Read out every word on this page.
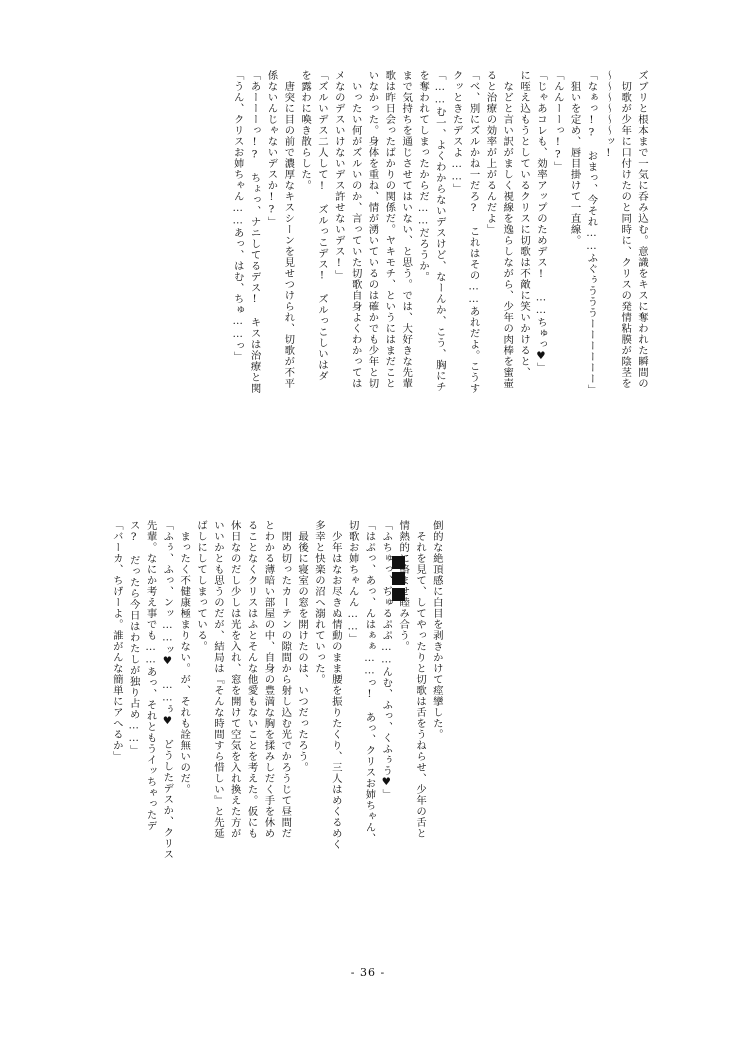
「うん、クリスお姉ちゃん……あっ、はむ、ちゅ……っ」 「あーーーっ!?　ちょっ、ナニしてるデス!　キスは治療と関 係ないんじゃないデスか!?」 　唐突に目の前で濃厚なキスシーンを見せつけられ、切歌が不平 を露わに喚き散らした。 「ズルいデス二人して!　ズルっこデス!　ズルっこしいはダ メなのデスいけないデス許せないデス!」 　いったい何がズルいのか、言っていた切歌自身よくわかっては いなかった。身体を重ね、情が湧いているのは確かでも少年と切 歌は昨日会ったばかりの関係だ。ヤキモチ、というにはまだこと まで気持ちを通じさせてはいない、と思う。では、大好きな先輩 を奪われてしまったからだ……だろうか。 「……む一、よくわからないデスけど、なーんか、こう、胸にチ クッときたデスよ……」 「べ、別にズルかね一だろ?　これはその……あれだよ。こうす ると治療の効率が上がるんだよ」 　などと言い訳がましく視線を逸らしながら、少年の肉棒を蜜壷 に咥え込もうとしているクリスに切歌は不敵に笑いかけると、 「じゃあコレも、効率アップのためデス!　……ちゅっ♥」 「んんーーっ!?」 　狙いを定め、唇目掛けて一直線。 「なぁっ!?　おまっ、今それ……ふぐぅうううーーーーーー」 ～～～～～～ッ! 　切歌が少年に口付けたのと同時に、クリスの発情粘膜が陰茎を ズブリと根本まで一気に呑み込む。意識をキスに奪われた瞬間の
「バーカ、ちげーよ。誰がんな簡単にアへるか」 ス?　だったら今日はわたしが独り占め……」 先輩。なにか考え事でも……あっ、それともうイッちゃったデ 「ふぅ、ふっ、ンッ……ッ♥　……ぅ♥　どうしたデスか、クリス 　まったく不健康極まりない。が、それも詮無いのだ。 ばしにしてしまっている。 いいかとも思うのだが、結局は『そんな時間すら惜しい』と先延 休日なのだし少しは光を入れ、窓を開けて空気を入れ換えた方が ることなくクリスはふとそんな他愛もないことを考えた。仮にも とわかる薄暗い部屋の中、自身の豊満な胸を揉みしだく手を休め 　閉め切ったカーテンの隙間から射し込む光でかろうじて昼間だ 　最後に寝室の窓を開けたのは、いつだったろう。 多幸と快楽の沼へ溺れていった。 　少年はなお尽きぬ情動のまま腰を振りたくり、三人はめくるめく 切歌お姉ちゃんん……」 「はぷっ、あっ、んはぁぁ……っ!　あっ、クリスお姉ちゃん、 「ふちゅっ、ぢゅるぷぷ……んむ、ふっ、くふぅう♥」 情熱的に絡ませ睦み合う。 　それを見て、してやったりと切歌は舌をうねらせ、少年の舌と 倒的な絶頂感に白目を剥きかけて痙攣した。
- 36 -
